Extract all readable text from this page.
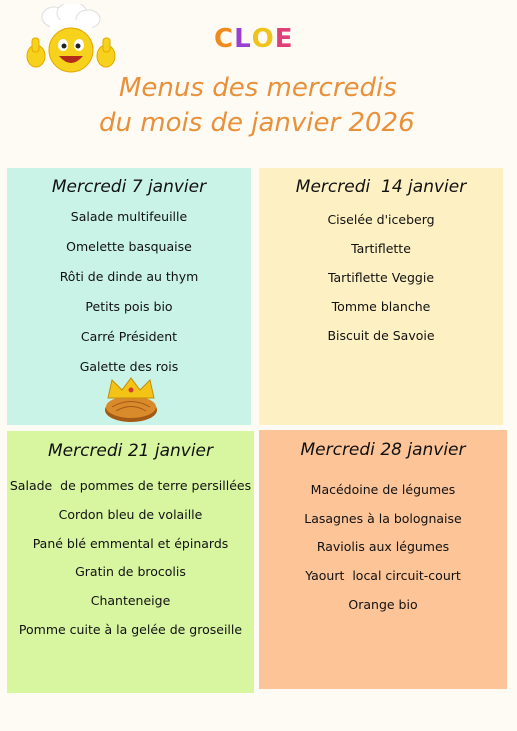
CLOE
Menus des mercredis
du mois de janvier 2026
Mercredi 7 janvier
Salade multifeuille
Omelette basquaise
Rôti de dinde au thym
Petits pois bio
Carré Président
Galette des rois
Mercredi  14 janvier
Ciselée d'iceberg
Tartiflette
Tartiflette Veggie
Tomme blanche
Biscuit de Savoie
Mercredi 21 janvier
Salade  de pommes de terre persillées
Cordon bleu de volaille
Pané blé emmental et épinards
Gratin de brocolis
Chanteneige
Pomme cuite à la gelée de groseille
Mercredi 28 janvier
Macédoine de légumes
Lasagnes à la bolognaise
Raviolis aux légumes
Yaourt  local circuit-court
Orange bio
